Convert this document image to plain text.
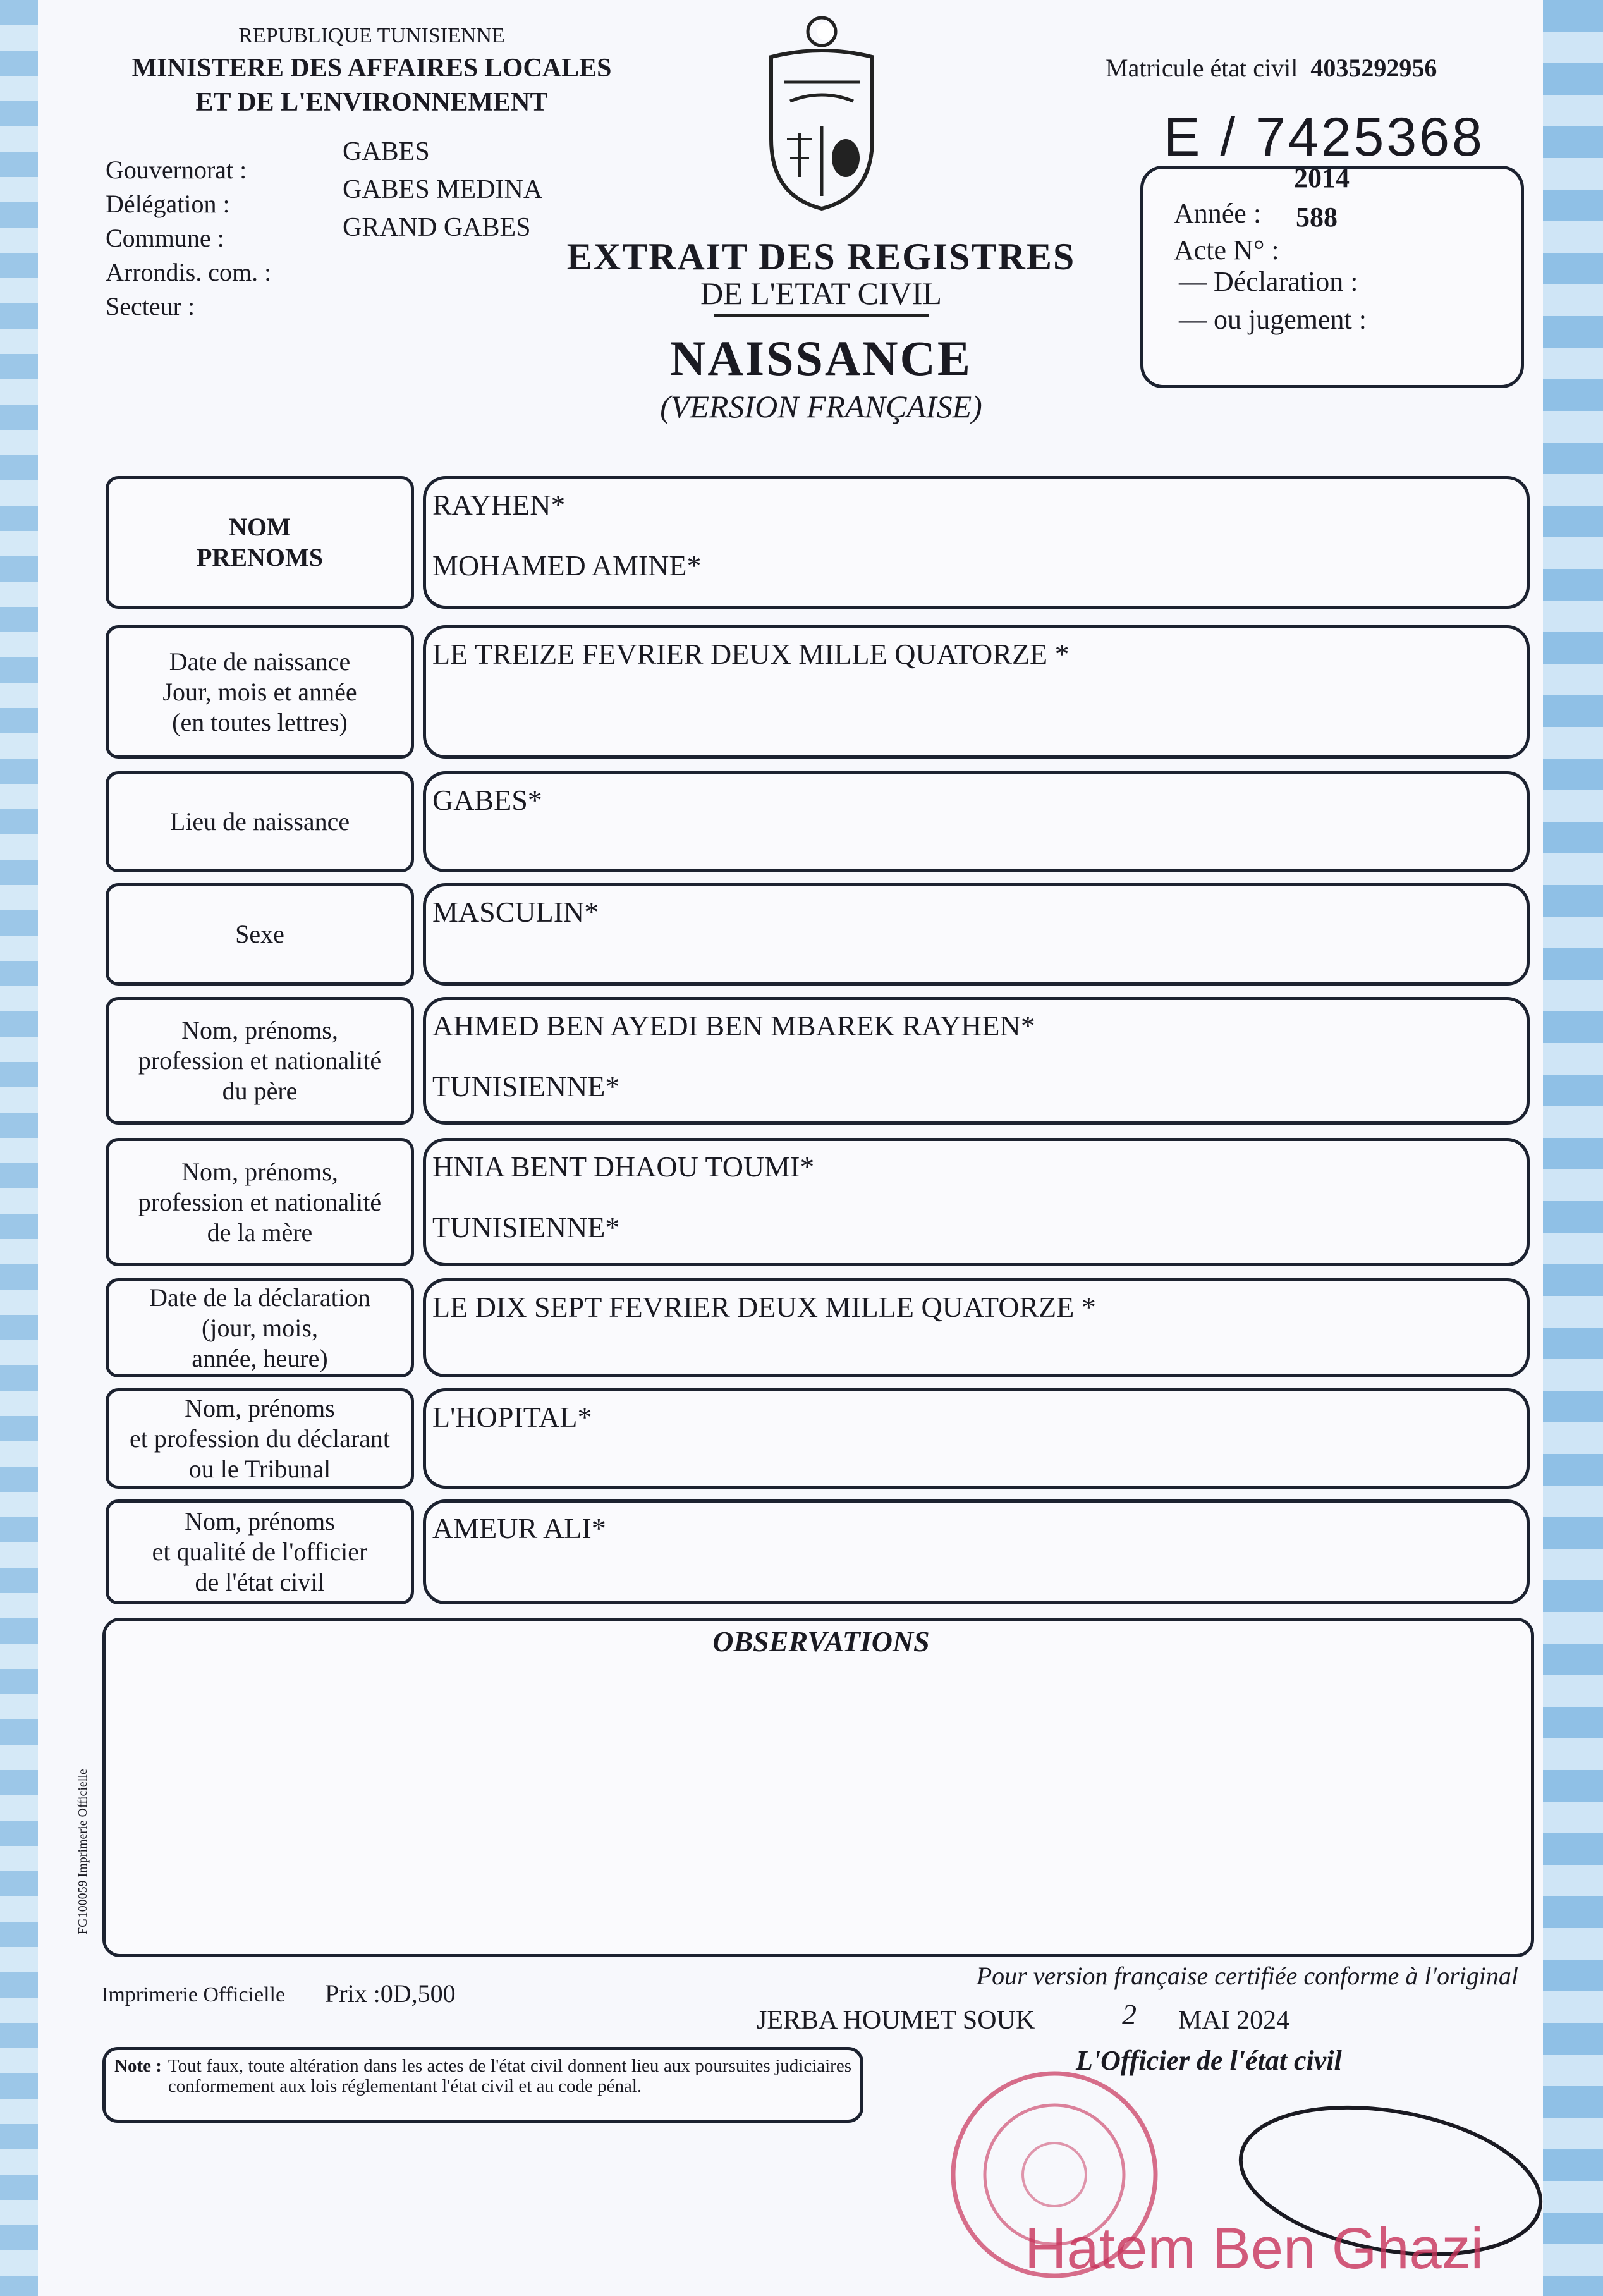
REPUBLIQUE TUNISIENNE
MINISTERE DES AFFAIRES LOCALES
ET DE L'ENVIRONNEMENT
Gouvernorat :
Délégation :
Commune :
Arrondis. com. :
Secteur :
GABES
GABES MEDINA
GRAND GABES
Matricule état civil 4035292956
E / 7425368
2014
Année : 588
Acte N° :
— Déclaration :
— ou jugement :
EXTRAIT DES REGISTRES
DE L'ETAT CIVIL
NAISSANCE
(VERSION FRANÇAISE)
NOM
PRENOMS
RAYHEN*
MOHAMED AMINE*
Date de naissance
Jour, mois et année
(en toutes lettres)
LE TREIZE FEVRIER DEUX MILLE QUATORZE *
Lieu de naissance
GABES*
Sexe
MASCULIN*
Nom, prénoms,
profession et nationalité
du père
AHMED BEN AYEDI BEN MBAREK RAYHEN*
TUNISIENNE*
Nom, prénoms,
profession et nationalité
de la mère
HNIA BENT DHAOU TOUMI*
TUNISIENNE*
Date de la déclaration
(jour, mois,
année, heure)
LE DIX SEPT FEVRIER DEUX MILLE QUATORZE *
Nom, prénoms
et profession du déclarant
ou le Tribunal
L'HOPITAL*
Nom, prénoms
et qualité de l'officier
de l'état civil
AMEUR ALI*
OBSERVATIONS
FG100059 Imprimerie Officielle
Imprimerie Officielle Prix :0D,500
Pour version française certifiée conforme à l'original
JERBA HOUMET SOUK	2 MAI 2024
L'Officier de l'état civil
Note : Tout faux, toute altération dans les actes de l'état civil donnent lieu aux poursuites judiciaires conformement aux lois réglementant l'état civil et au code pénal.
Hatem Ben Ghazi
